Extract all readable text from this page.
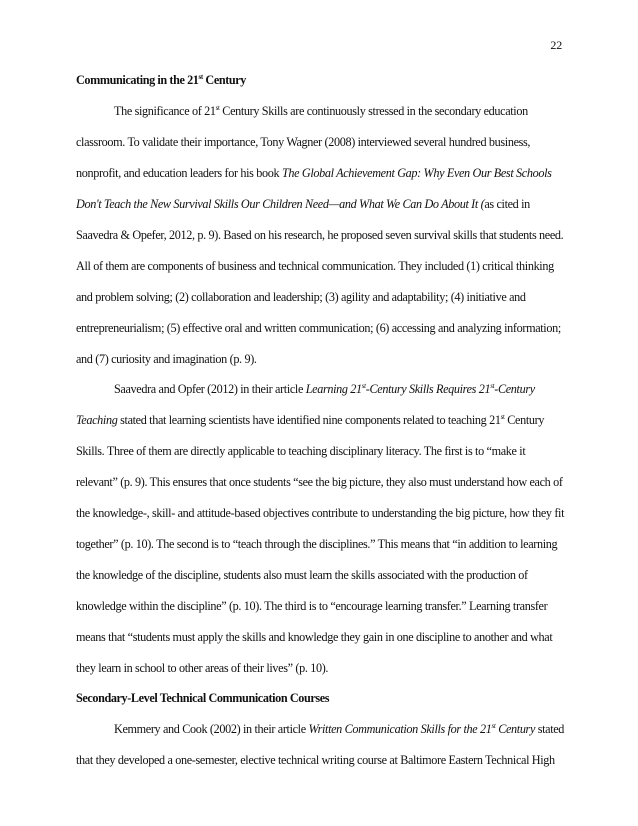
22
Communicating in the 21st Century
The significance of 21st Century Skills are continuously stressed in the secondary education
classroom. To validate their importance, Tony Wagner (2008) interviewed several hundred business,
nonprofit, and education leaders for his book The Global Achievement Gap: Why Even Our Best Schools
Don't Teach the New Survival Skills Our Children Need—and What We Can Do About It (as cited in
Saavedra & Opefer, 2012, p. 9). Based on his research, he proposed seven survival skills that students need.
All of them are components of business and technical communication. They included (1) critical thinking
and problem solving; (2) collaboration and leadership; (3) agility and adaptability; (4) initiative and
entrepreneurialism; (5) effective oral and written communication; (6) accessing and analyzing information;
and (7) curiosity and imagination (p. 9).
Saavedra and Opfer (2012) in their article Learning 21st-Century Skills Requires 21st-Century
Teaching stated that learning scientists have identified nine components related to teaching 21st Century
Skills. Three of them are directly applicable to teaching disciplinary literacy. The first is to “make it
relevant” (p. 9). This ensures that once students “see the big picture, they also must understand how each of
the knowledge-, skill- and attitude-based objectives contribute to understanding the big picture, how they fit
together” (p. 10). The second is to “teach through the disciplines.” This means that “in addition to learning
the knowledge of the discipline, students also must learn the skills associated with the production of
knowledge within the discipline” (p. 10). The third is to “encourage learning transfer.” Learning transfer
means that “students must apply the skills and knowledge they gain in one discipline to another and what
they learn in school to other areas of their lives” (p. 10).
Secondary-Level Technical Communication Courses
Kemmery and Cook (2002) in their article Written Communication Skills for the 21st Century stated
that they developed a one-semester, elective technical writing course at Baltimore Eastern Technical High
